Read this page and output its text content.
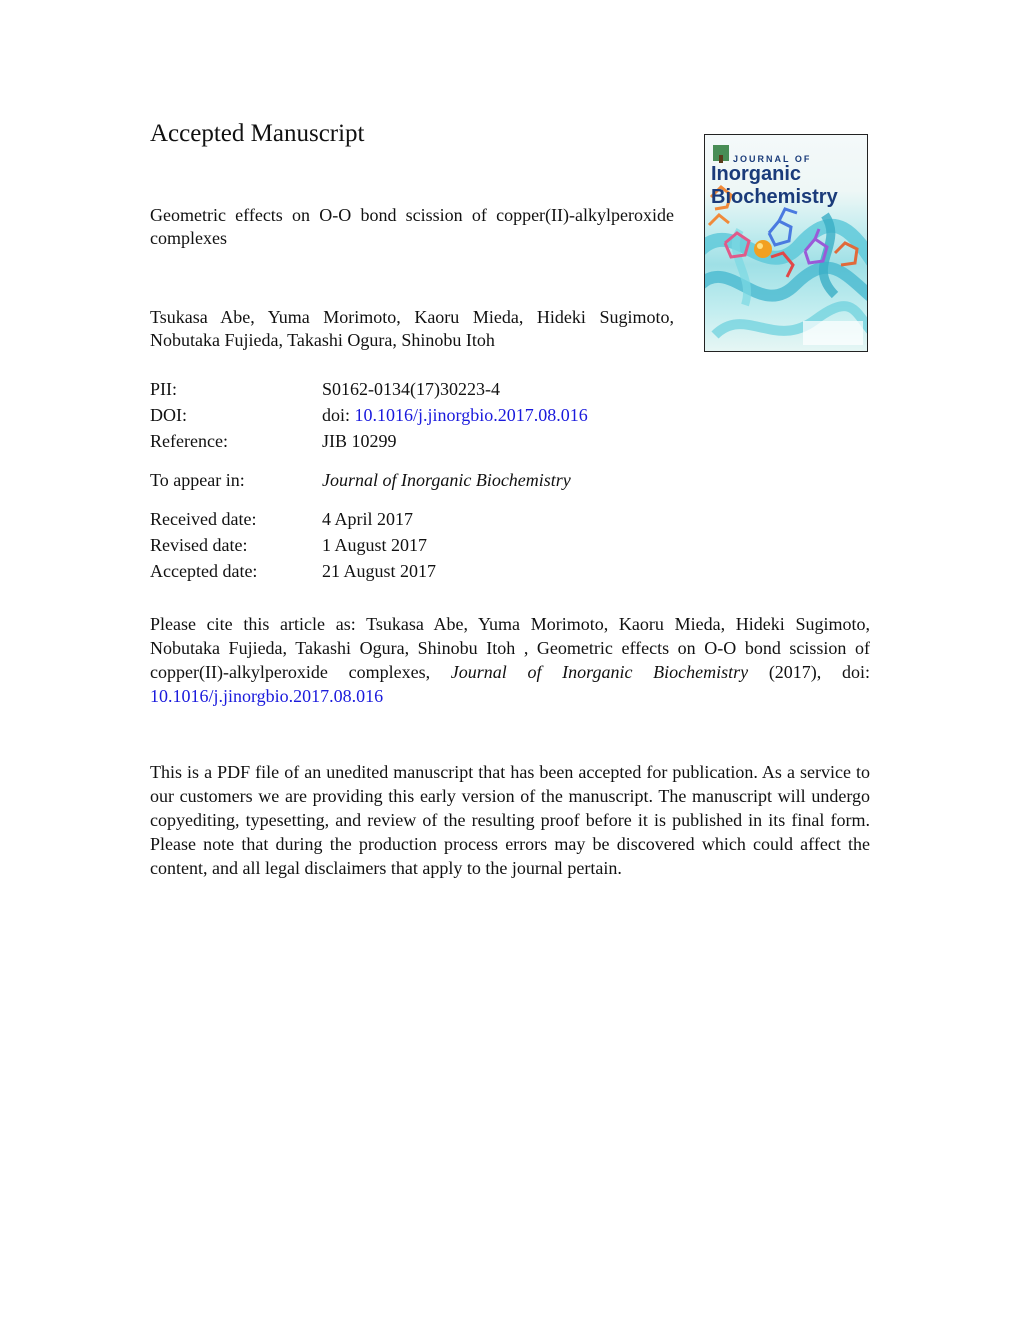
Accepted Manuscript
Geometric effects on O-O bond scission of copper(II)-alkylperoxide complexes
Tsukasa Abe, Yuma Morimoto, Kaoru Mieda, Hideki Sugimoto, Nobutaka Fujieda, Takashi Ogura, Shinobu Itoh
PII:	S0162-0134(17)30223-4
DOI:	doi: 10.1016/j.jinorgbio.2017.08.016
Reference:	JIB 10299
To appear in:	Journal of Inorganic Biochemistry
Received date:	4 April 2017
Revised date:	1 August 2017
Accepted date:	21 August 2017
Please cite this article as: Tsukasa Abe, Yuma Morimoto, Kaoru Mieda, Hideki Sugimoto, Nobutaka Fujieda, Takashi Ogura, Shinobu Itoh , Geometric effects on O-O bond scission of copper(II)-alkylperoxide complexes, Journal of Inorganic Biochemistry (2017), doi: 10.1016/j.jinorgbio.2017.08.016
This is a PDF file of an unedited manuscript that has been accepted for publication. As a service to our customers we are providing this early version of the manuscript. The manuscript will undergo copyediting, typesetting, and review of the resulting proof before it is published in its final form. Please note that during the production process errors may be discovered which could affect the content, and all legal disclaimers that apply to the journal pertain.
JOURNAL OF
Inorganic
Biochemistry
